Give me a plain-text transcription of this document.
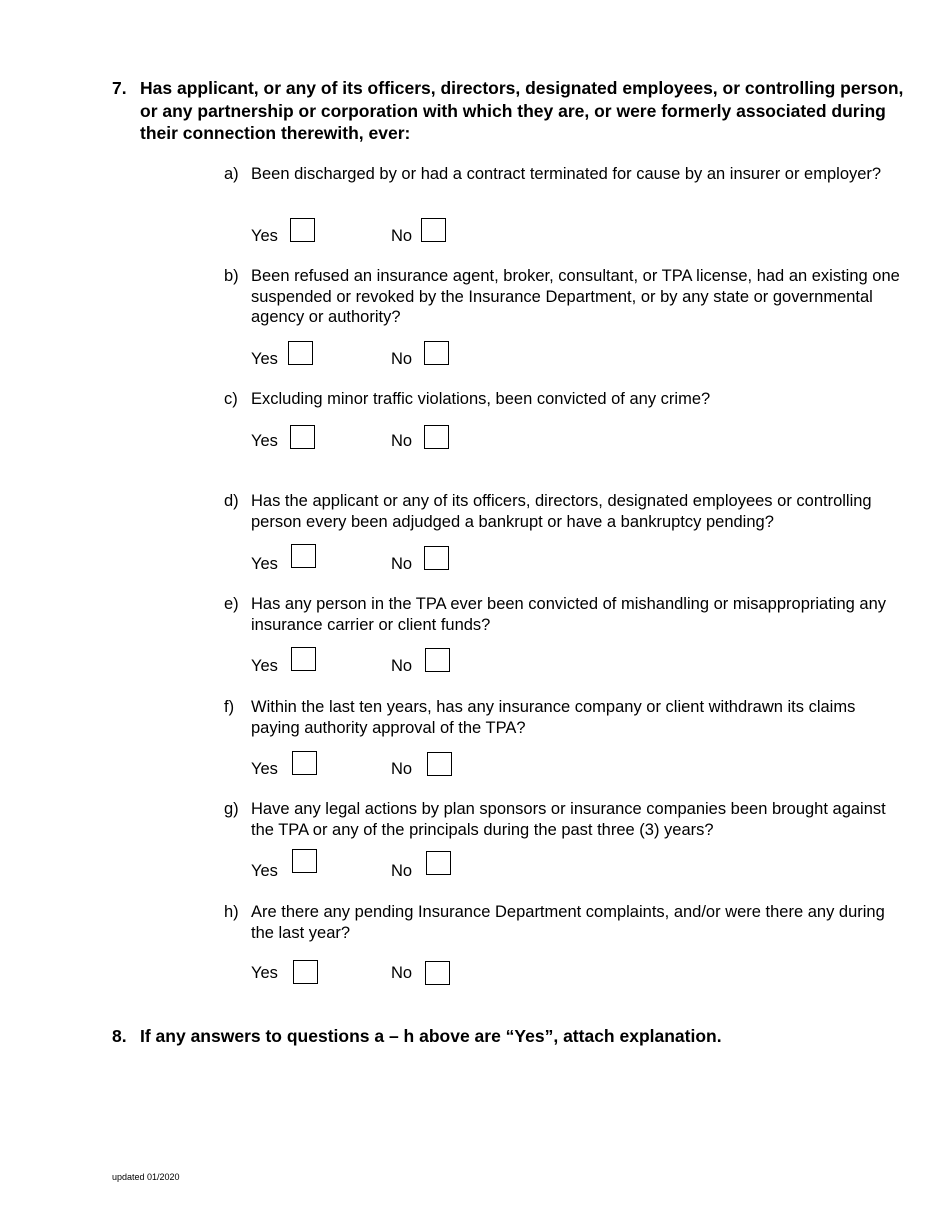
7. Has applicant, or any of its officers, directors, designated employees, or controlling person, or any partnership or corporation with which they are, or were formerly associated during their connection therewith, ever:
a) Been discharged by or had a contract terminated for cause by an insurer or employer?
Yes	No
b) Been refused an insurance agent, broker, consultant, or TPA license, had an existing one suspended or revoked by the Insurance Department, or by any state or governmental agency or authority?
Yes	No
c) Excluding minor traffic violations, been convicted of any crime?
Yes	No
d) Has the applicant or any of its officers, directors, designated employees or controlling person every been adjudged a bankrupt or have a bankruptcy pending?
Yes	No
e) Has any person in the TPA ever been convicted of mishandling or misappropriating any insurance carrier or client funds?
Yes	No
f) Within the last ten years, has any insurance company or client withdrawn its claims paying authority approval of the TPA?
Yes	No
g) Have any legal actions by plan sponsors or insurance companies been brought against the TPA or any of the principals during the past three (3) years?
Yes	No
h) Are there any pending Insurance Department complaints, and/or were there any during the last year?
Yes	No
8. If any answers to questions a – h above are “Yes”, attach explanation.
updated 01/2020
